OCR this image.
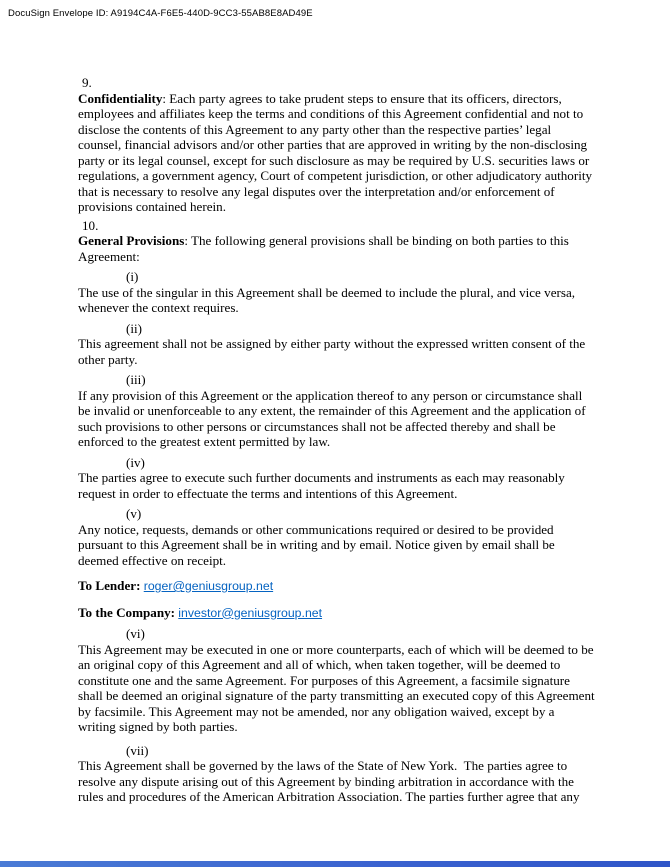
DocuSign Envelope ID: A9194C4A-F6E5-440D-9CC3-55AB8E8AD49E
9.

Confidentiality: Each party agrees to take prudent steps to ensure that its officers, directors, employees and affiliates keep the terms and conditions of this Agreement confidential and not to disclose the contents of this Agreement to any party other than the respective parties’ legal counsel, financial advisors and/or other parties that are approved in writing by the non-disclosing party or its legal counsel, except for such disclosure as may be required by U.S. securities laws or regulations, a government agency, Court of competent jurisdiction, or other adjudicatory authority that is necessary to resolve any legal disputes over the interpretation and/or enforcement of provisions contained herein.

10.

General Provisions: The following general provisions shall be binding on both parties to this Agreement:

(i)

The use of the singular in this Agreement shall be deemed to include the plural, and vice versa, whenever the context requires.

(ii)

This agreement shall not be assigned by either party without the expressed written consent of the other party.

(iii)

If any provision of this Agreement or the application thereof to any person or circumstance shall be invalid or unenforceable to any extent, the remainder of this Agreement and the application of such provisions to other persons or circumstances shall not be affected thereby and shall be enforced to the greatest extent permitted by law.

(iv)

The parties agree to execute such further documents and instruments as each may reasonably request in order to effectuate the terms and intentions of this Agreement.

(v)

Any notice, requests, demands or other communications required or desired to be provided pursuant to this Agreement shall be in writing and by email. Notice given by email shall be deemed effective on receipt.

To Lender: roger@geniusgroup.net

To the Company: investor@geniusgroup.net

(vi)

This Agreement may be executed in one or more counterparts, each of which will be deemed to be an original copy of this Agreement and all of which, when taken together, will be deemed to constitute one and the same Agreement. For purposes of this Agreement, a facsimile signature shall be deemed an original signature of the party transmitting an executed copy of this Agreement by facsimile. This Agreement may not be amended, nor any obligation waived, except by a writing signed by both parties.

(vii)

This Agreement shall be governed by the laws of the State of New York.  The parties agree to resolve any dispute arising out of this Agreement by binding arbitration in accordance with the rules and procedures of the American Arbitration Association. The parties further agree that any
